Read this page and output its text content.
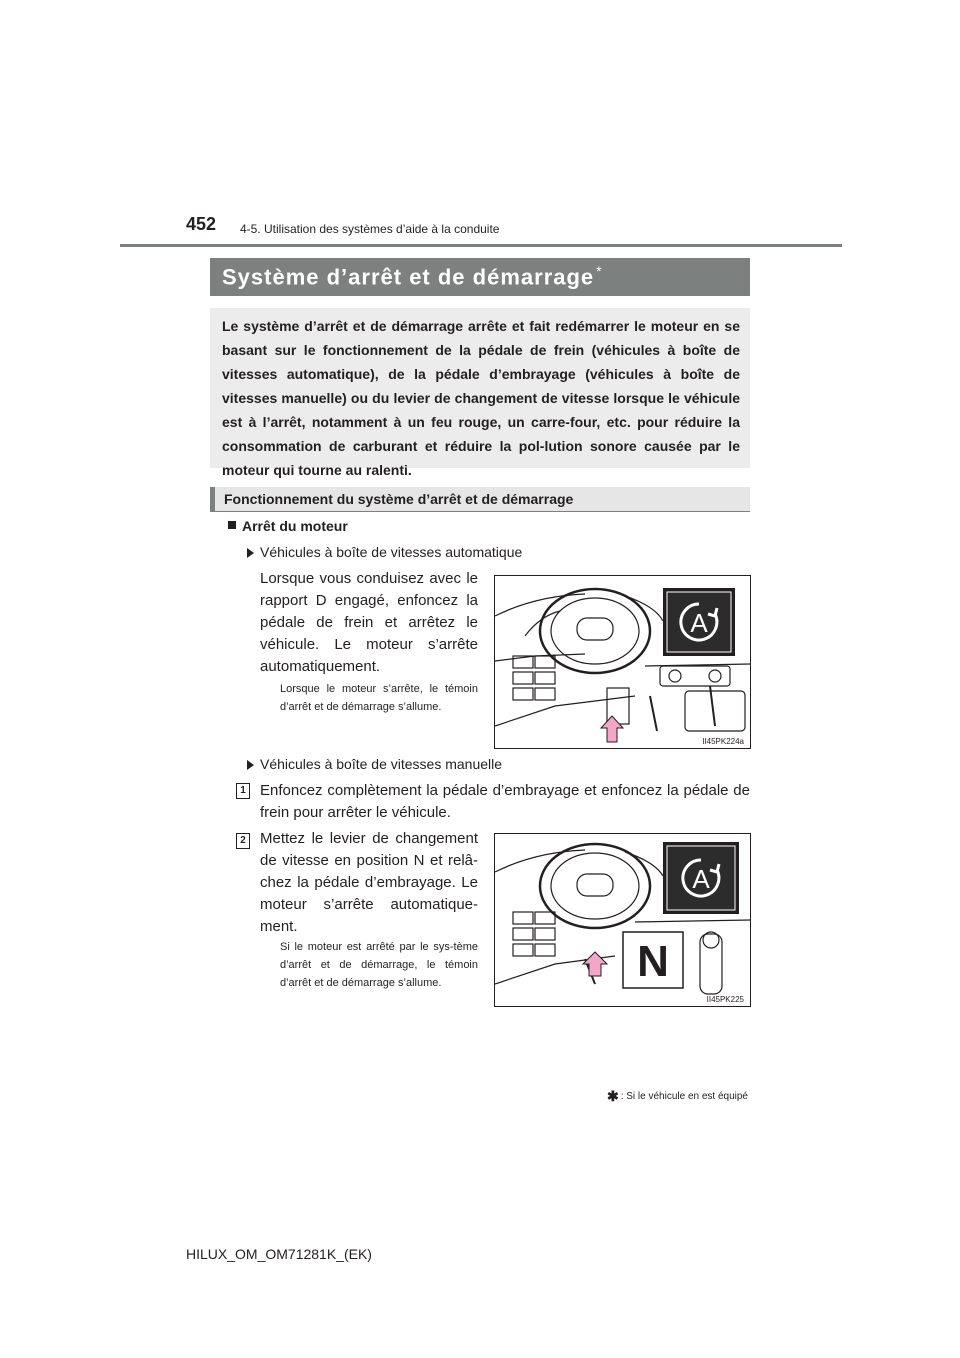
452 4-5. Utilisation des systèmes d’aide à la conduite
Système d’arrêt et de démarrage *
Le système d’arrêt et de démarrage arrête et fait redémarrer le moteur en se basant sur le fonctionnement de la pédale de frein (véhicules à boîte de vitesses automatique), de la pédale d’embrayage (véhicules à boîte de vitesses manuelle) ou du levier de changement de vitesse lorsque le véhicule est à l’arrêt, notamment à un feu rouge, un carre-four, etc. pour réduire la consommation de carburant et réduire la pol-lution sonore causée par le moteur qui tourne au ralenti.
Fonctionnement du système d’arrêt et de démarrage
Arrêt du moteur
Véhicules à boîte de vitesses automatique
Lorsque vous conduisez avec le rapport D engagé, enfoncez la pédale de frein et arrêtez le véhicule. Le moteur s’arrête automatiquement.
Lorsque le moteur s’arrête, le témoin d’arrêt et de démarrage s’allume.
A
II45PK224a
Véhicules à boîte de vitesses manuelle
1 Enfoncez complètement la pédale d’embrayage et enfoncez la pédale de frein pour arrêter le véhicule.
2 Mettez le levier de changement de vitesse en position N et relâ-chez la pédale d’embrayage. Le moteur s’arrête automatique-ment.
Si le moteur est arrêté par le sys-tème d’arrêt et de démarrage, le témoin d’arrêt et de démarrage s’allume.
A
N
II45PK225
✱ : Si le véhicule en est équipé
HILUX_OM_OM71281K_(EK)
